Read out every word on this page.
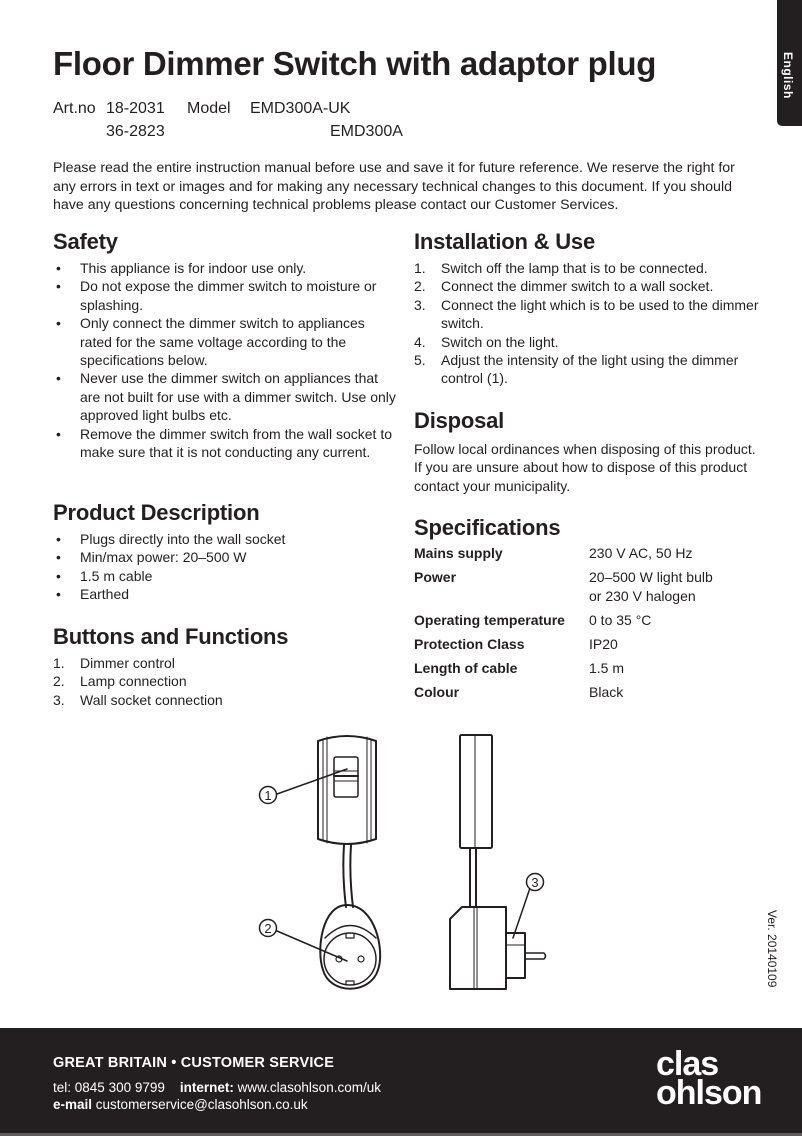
English
Floor Dimmer Switch with adaptor plug
Art.no 18-2031 Model EMD300A-UK
36-2823	EMD300A

Please read the entire instruction manual before use and save it for future reference. We reserve the right for any errors in text or images and for making any necessary technical changes to this document. If you should have any questions concerning technical problems please contact our Customer Services.

Safety
• This appliance is for indoor use only.
• Do not expose the dimmer switch to moisture or splashing.
• Only connect the dimmer switch to appliances rated for the same voltage according to the specifications below.
• Never use the dimmer switch on appliances that are not built for use with a dimmer switch. Use only approved light bulbs etc.
• Remove the dimmer switch from the wall socket to make sure that it is not conducting any current.
Product Description
• Plugs directly into the wall socket
• Min/max power: 20–500 W
• 1.5 m cable
• Earthed
Buttons and Functions
1. Dimmer control
2. Lamp connection
3. Wall socket connection
Installation & Use
1. Switch off the lamp that is to be connected.
2. Connect the dimmer switch to a wall socket.
3. Connect the light which is to be used to the dimmer switch.
4. Switch on the light.
5. Adjust the intensity of the light using the dimmer control (1).
Disposal

Follow local ordinances when disposing of this product. If you are unsure about how to dispose of this product contact your municipality.

Specifications
Mains supply	230 V AC, 50 Hz
Power	20–500 W light bulb
or 230 V halogen
Operating temperature	0 to 35 °C
Protection Class	IP20
Length of cable	1.5 m
Colour	Black
1
2
3
Ver. 20140109
GREAT BRITAIN • CUSTOMER SERVICE
tel: 0845 300 9799 internet: www.clasohlson.com/uk
e-mail customerservice@clasohlson.co.uk
clas
ohlson
